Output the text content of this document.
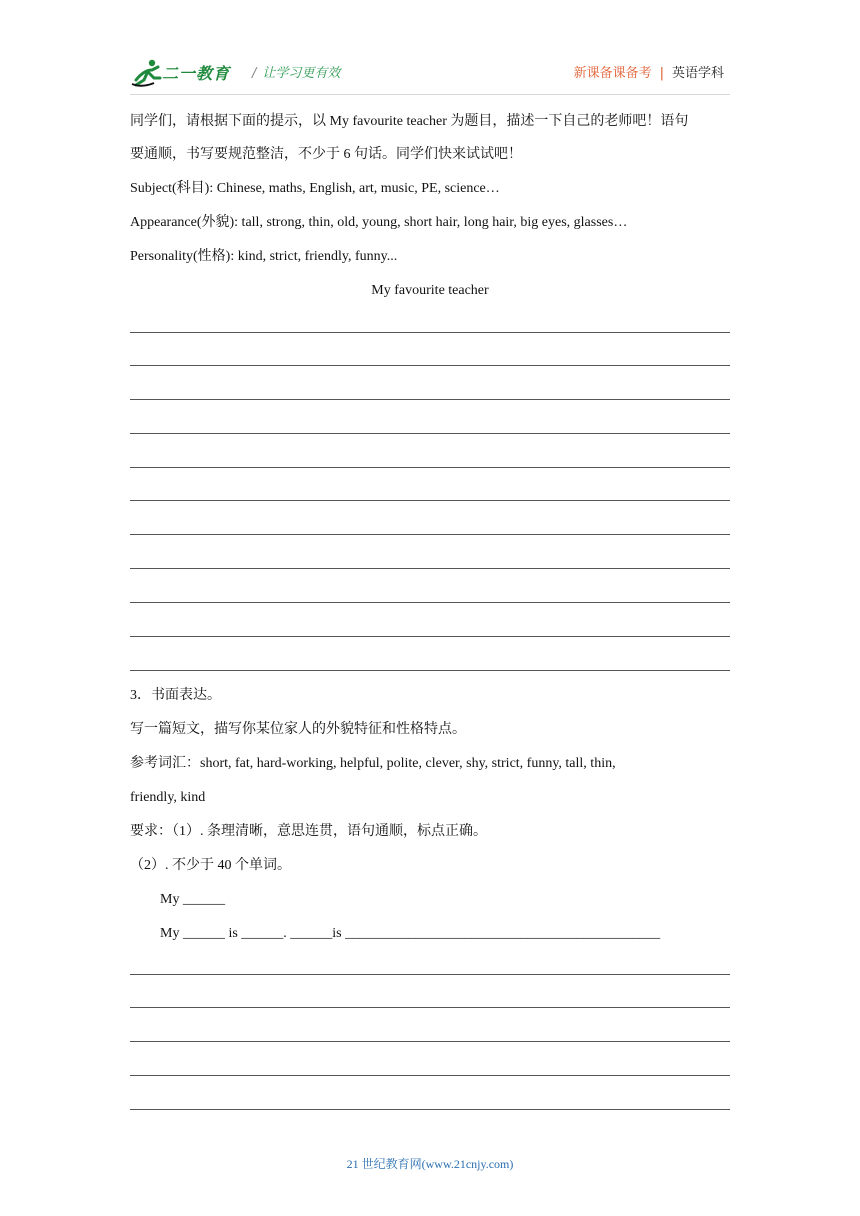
二一教育 / 让学习更有效	新课备课备考 | 英语学科
同学们，请根据下面的提示，以 My favourite teacher 为题目，描述一下自己的老师吧！语句
要通顺，书写要规范整洁，不少于 6 句话。同学们快来试试吧！
Subject(科目): Chinese, maths, English, art, music, PE, science…
Appearance(外貌): tall, strong, thin, old, young, short hair, long hair, big eyes, glasses…
Personality(性格): kind, strict, friendly, funny...
My favourite teacher
3．书面表达。
写一篇短文，描写你某位家人的外貌特征和性格特点。
参考词汇：short, fat, hard-working, helpful, polite, clever, shy, strict, funny, tall, thin,
friendly, kind
要求：（1）. 条理清晰，意思连贯，语句通顺，标点正确。
（2）. 不少于 40 个单词。
My ______
My ______ is ______. ______is _____________________________________________
21 世纪教育网(www.21cnjy.com)
